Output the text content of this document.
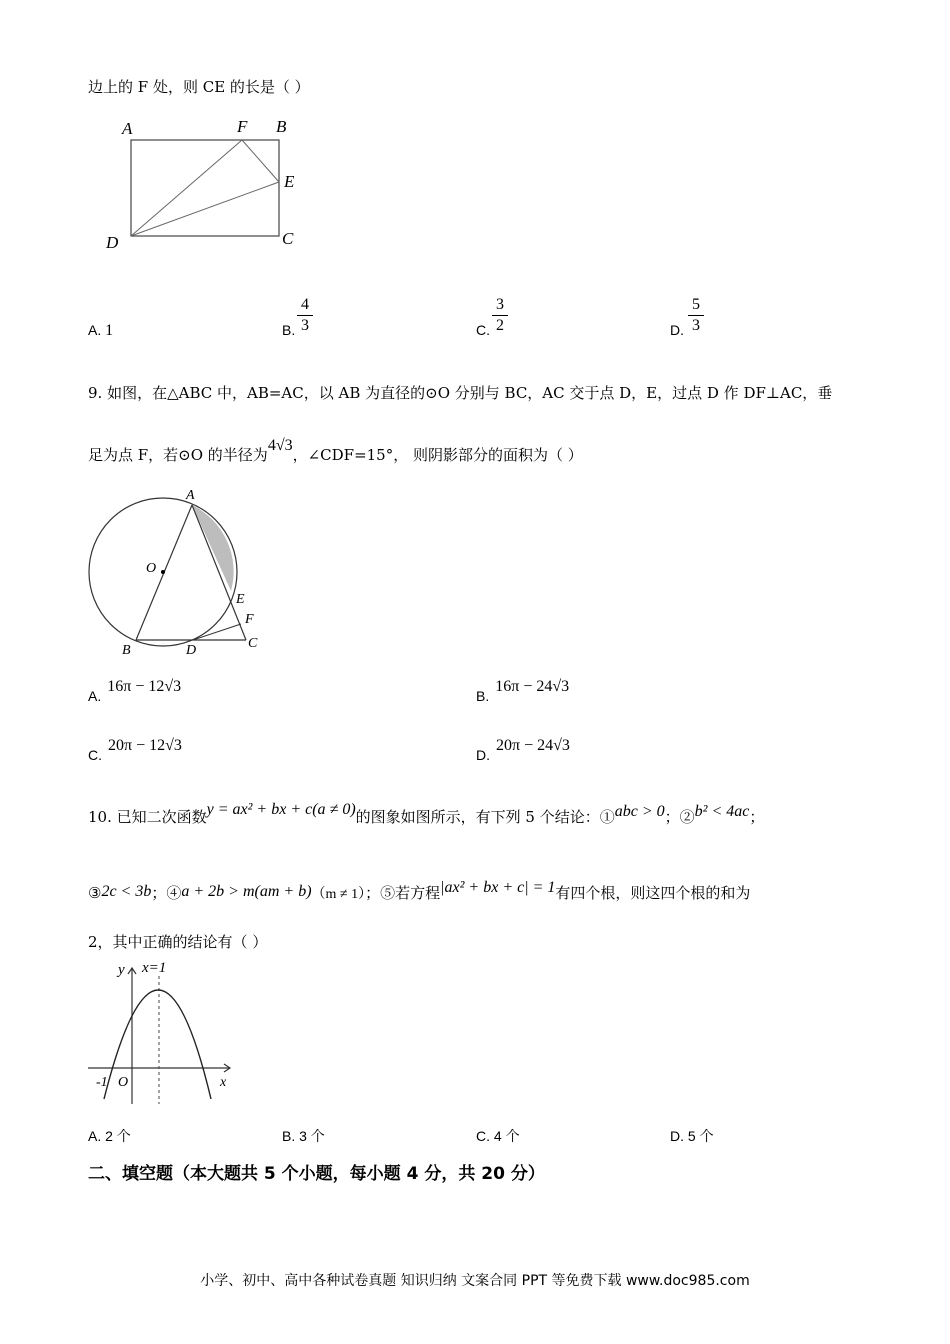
边上的 F 处，则 CE 的长是（ ）
A	F B
E
D	C
A. 1	B.
4
3	C.
3
2	D.
5
3
9. 如图，在△ABC 中，AB=AC，以 AB 为直径的⊙O 分别与 BC，AC 交于点 D，E，过点 D 作 DF⊥AC，垂
足为点 F，若⊙O 的半径为4√3，∠CDF=15°， 则阴影部分的面积为（ ）
A
O
E
F
B	D	C
A.16π − 12√3
B.16π − 24√3
C.20π − 12√3
D.20π − 24√3
10. 已知二次函数y = ax² + bx + c(a ≠ 0)的图象如图所示，有下列 5 个结论：①abc > 0；②b² < 4ac；
③2c < 3b；④a + 2b > m(am + b)（m ≠ 1）；⑤若方程|ax² + bx + c| = 1有四个根，则这四个根的和为
2，其中正确的结论有（ ）
y x=1
-1 O	x
A. 2 个	B. 3 个	C. 4 个	D. 5 个
二、填空题（本大题共 5 个小题，每小题 4 分，共 20 分）
小学、初中、高中各种试卷真题 知识归纳 文案合同 PPT 等免费下载 www.doc985.com
